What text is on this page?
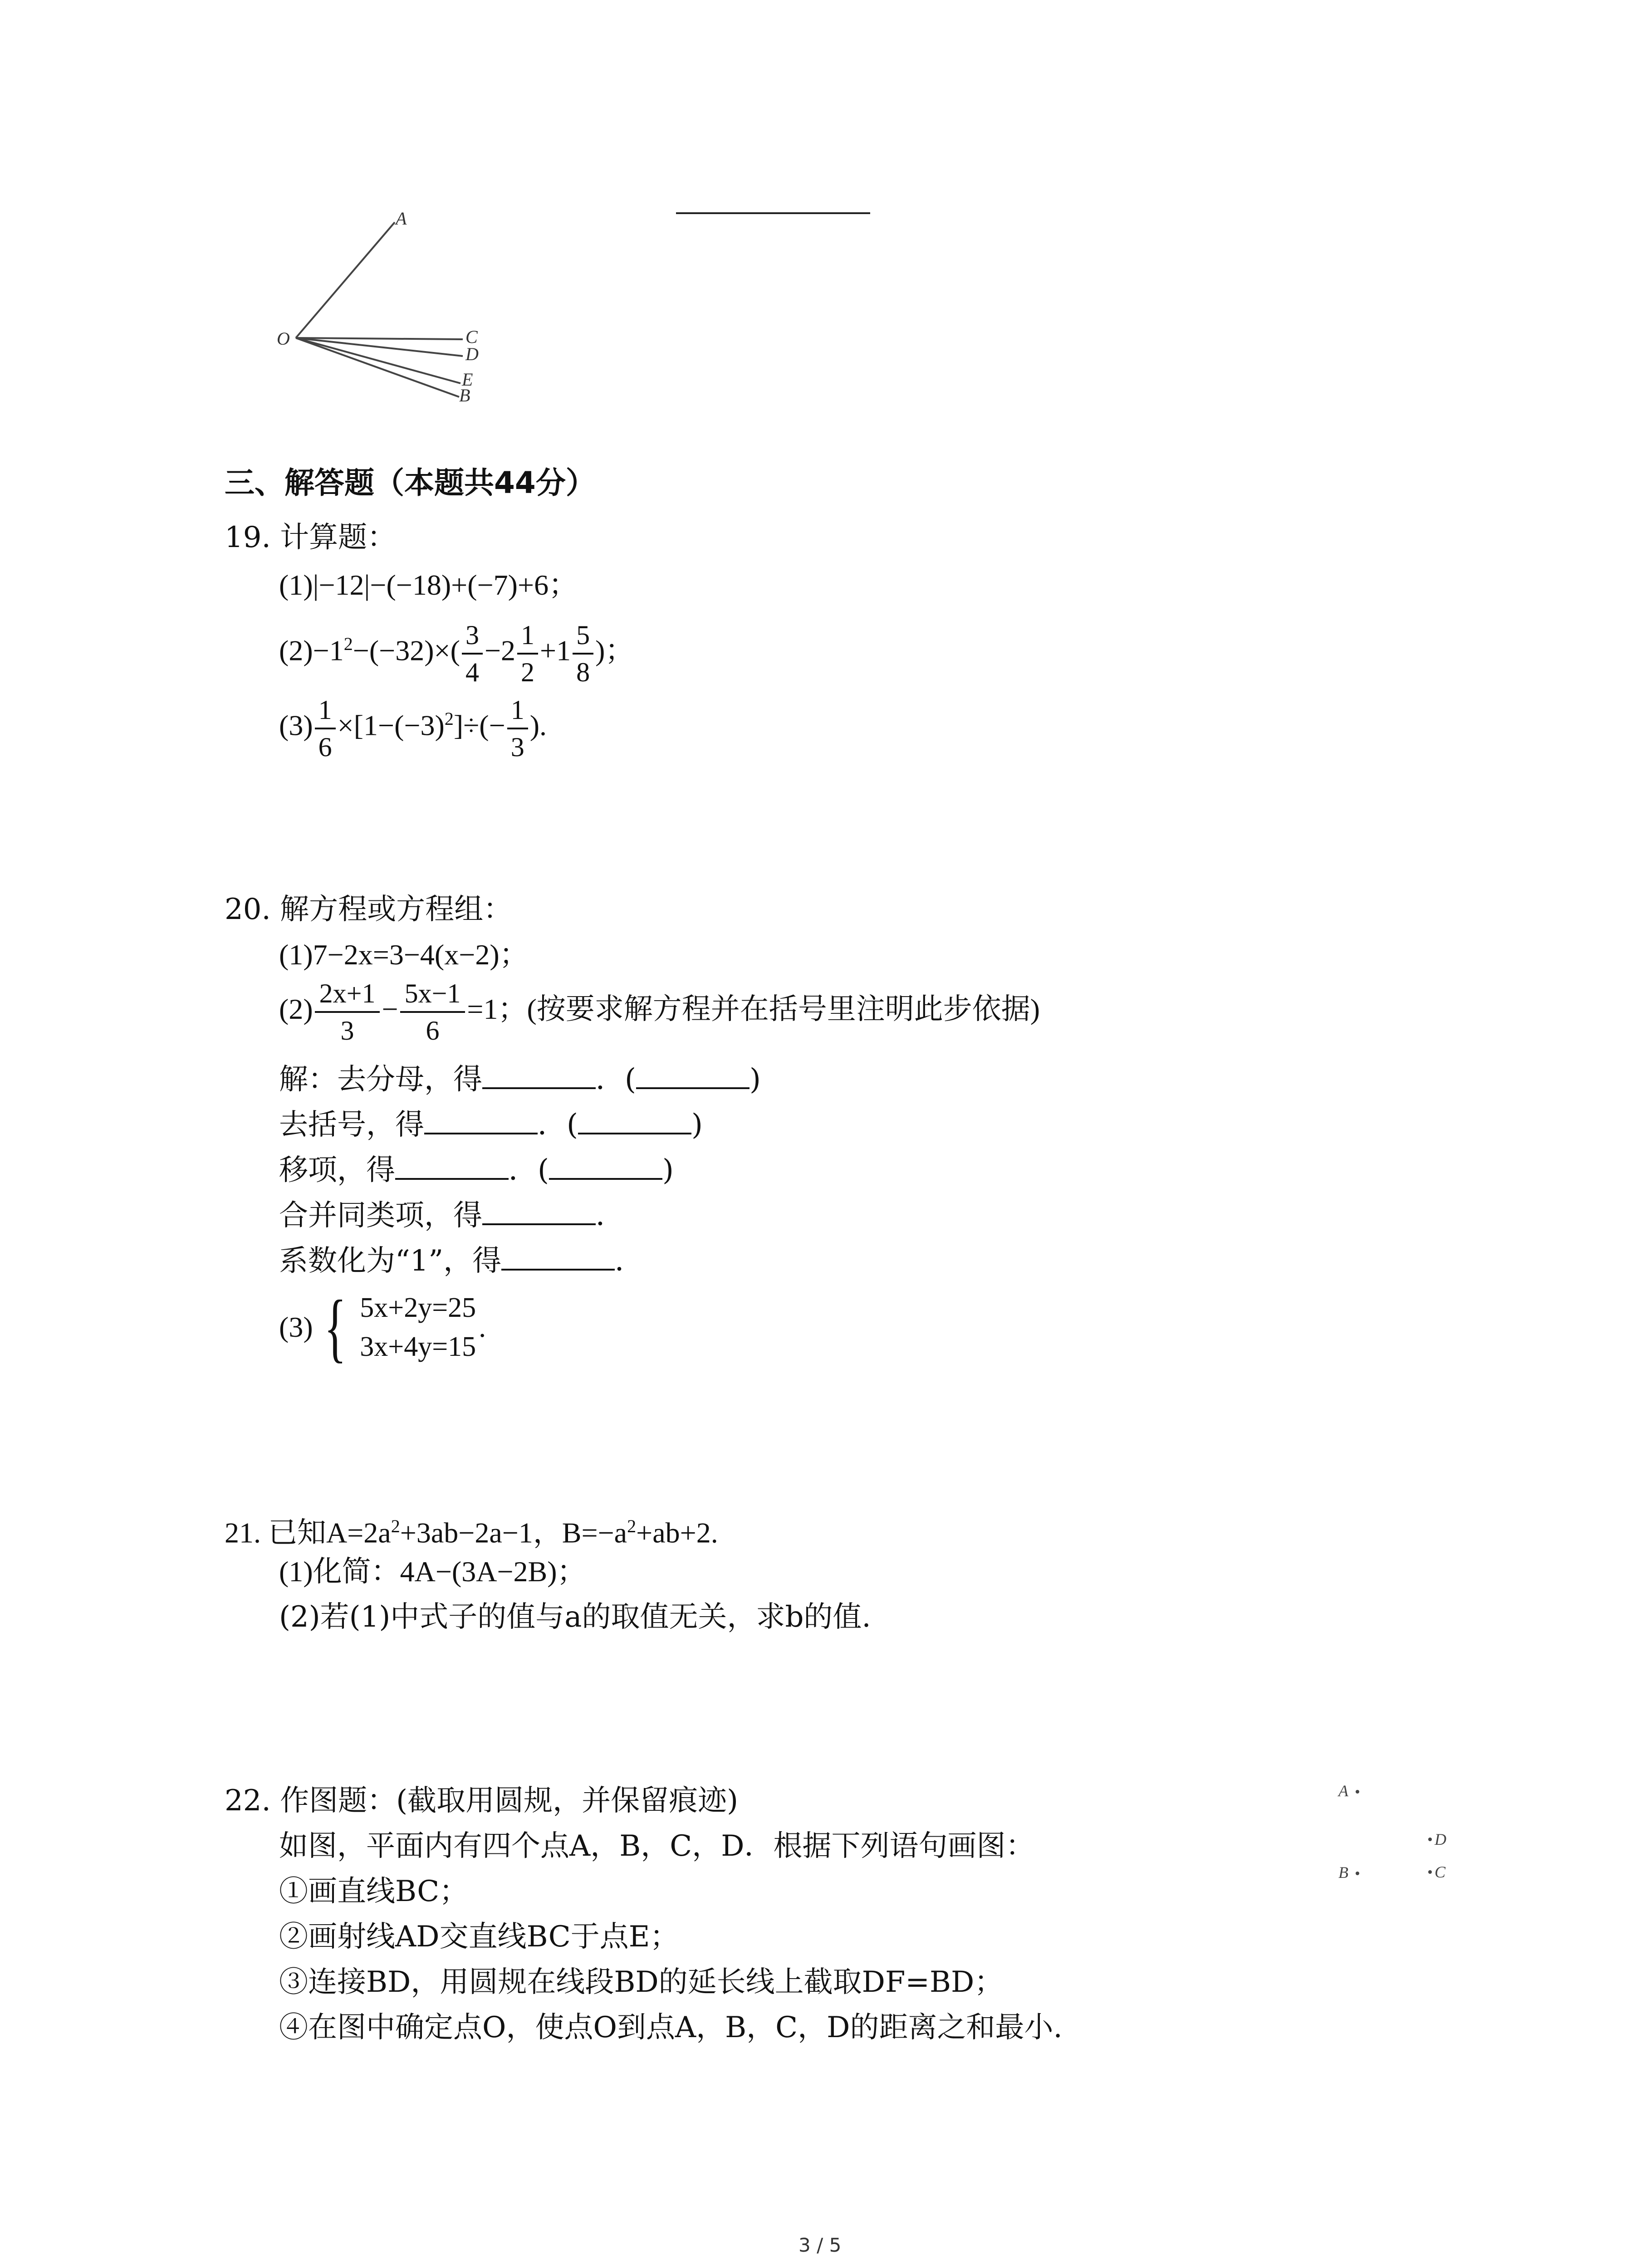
A
O	C
D
E
B
三、解答题（本题共44分）
19. 计算题：
(1)|−12|−(−18)+(−7)+6；
$(2)-1^2-(-32)\times( \frac{3}{4} -2 \frac{1}{2} +1 \frac{5}{8}$ )；
$(3) \frac{1}{6} \times[1-(-3)^2]\div(- \frac{1}{3}$ ).
20. 解方程或方程组：
(1)7−2x=3−4(x−2)；
$(2) \frac{2x+1}{3} - \frac{5x-1}{6} =1$；(按要求解方程并在括号里注明此步依据)
解：去分母，得	．(	)
去括号，得	．(	)
移项，得	．(	)
合并同类项，得	．
系数化为“1”，得	．
(3) { 5x+2y=25
3x+4y=15
.
21. 已知$A=2a^2+3ab-2a-1$，$B=-a^2+ab+2$.
(1)化简：4A−(3A−2B)；
(2)若(1)中式子的值与a的取值无关，求b的值.
22. 作图题：(截取用圆规，并保留痕迹)
如图，平面内有四个点A，B，C，D．根据下列语句画图：
①画直线BC；
②画射线AD交直线BC于点E；
③连接BD，用圆规在线段BD的延长线上截取DF=BD；
④在图中确定点O，使点O到点A，B，C，D的距离之和最小.
A
D
B	C
3 / 5
